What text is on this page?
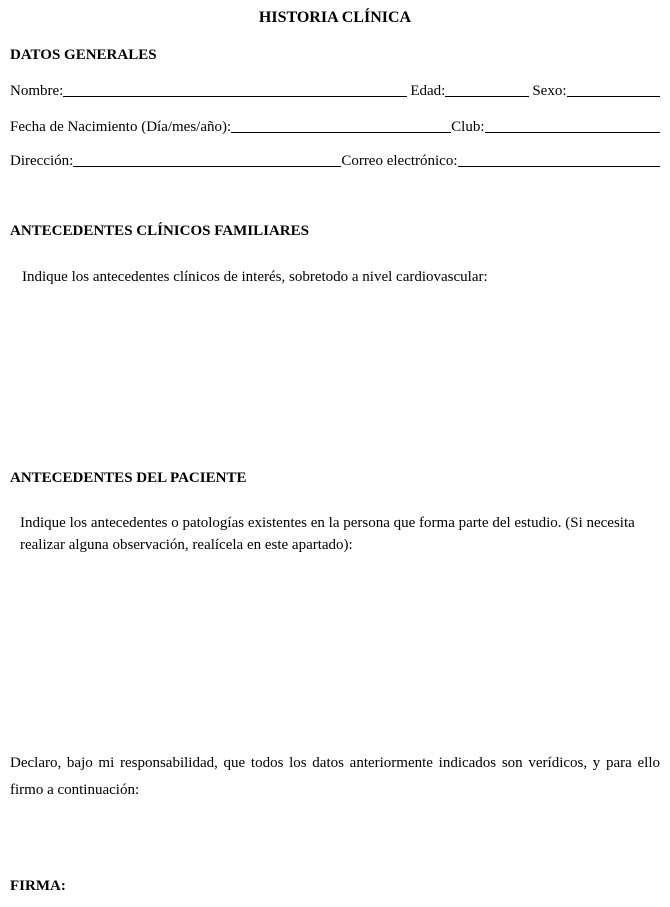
HISTORIA CLÍNICA
DATOS GENERALES
Nombre:	Edad:	Sexo:
Fecha de Nacimiento (Día/mes/año):	Club:
Dirección:	Correo electrónico:
ANTECEDENTES CLÍNICOS FAMILIARES
Indique los antecedentes clínicos de interés, sobretodo a nivel cardiovascular:
ANTECEDENTES DEL PACIENTE
Indique los antecedentes o patologías existentes en la persona que forma parte del estudio. (Si necesita realizar alguna observación, realícela en este apartado):
Declaro, bajo mi responsabilidad, que todos los datos anteriormente indicados son verídicos, y para ello firmo a continuación:
FIRMA:
